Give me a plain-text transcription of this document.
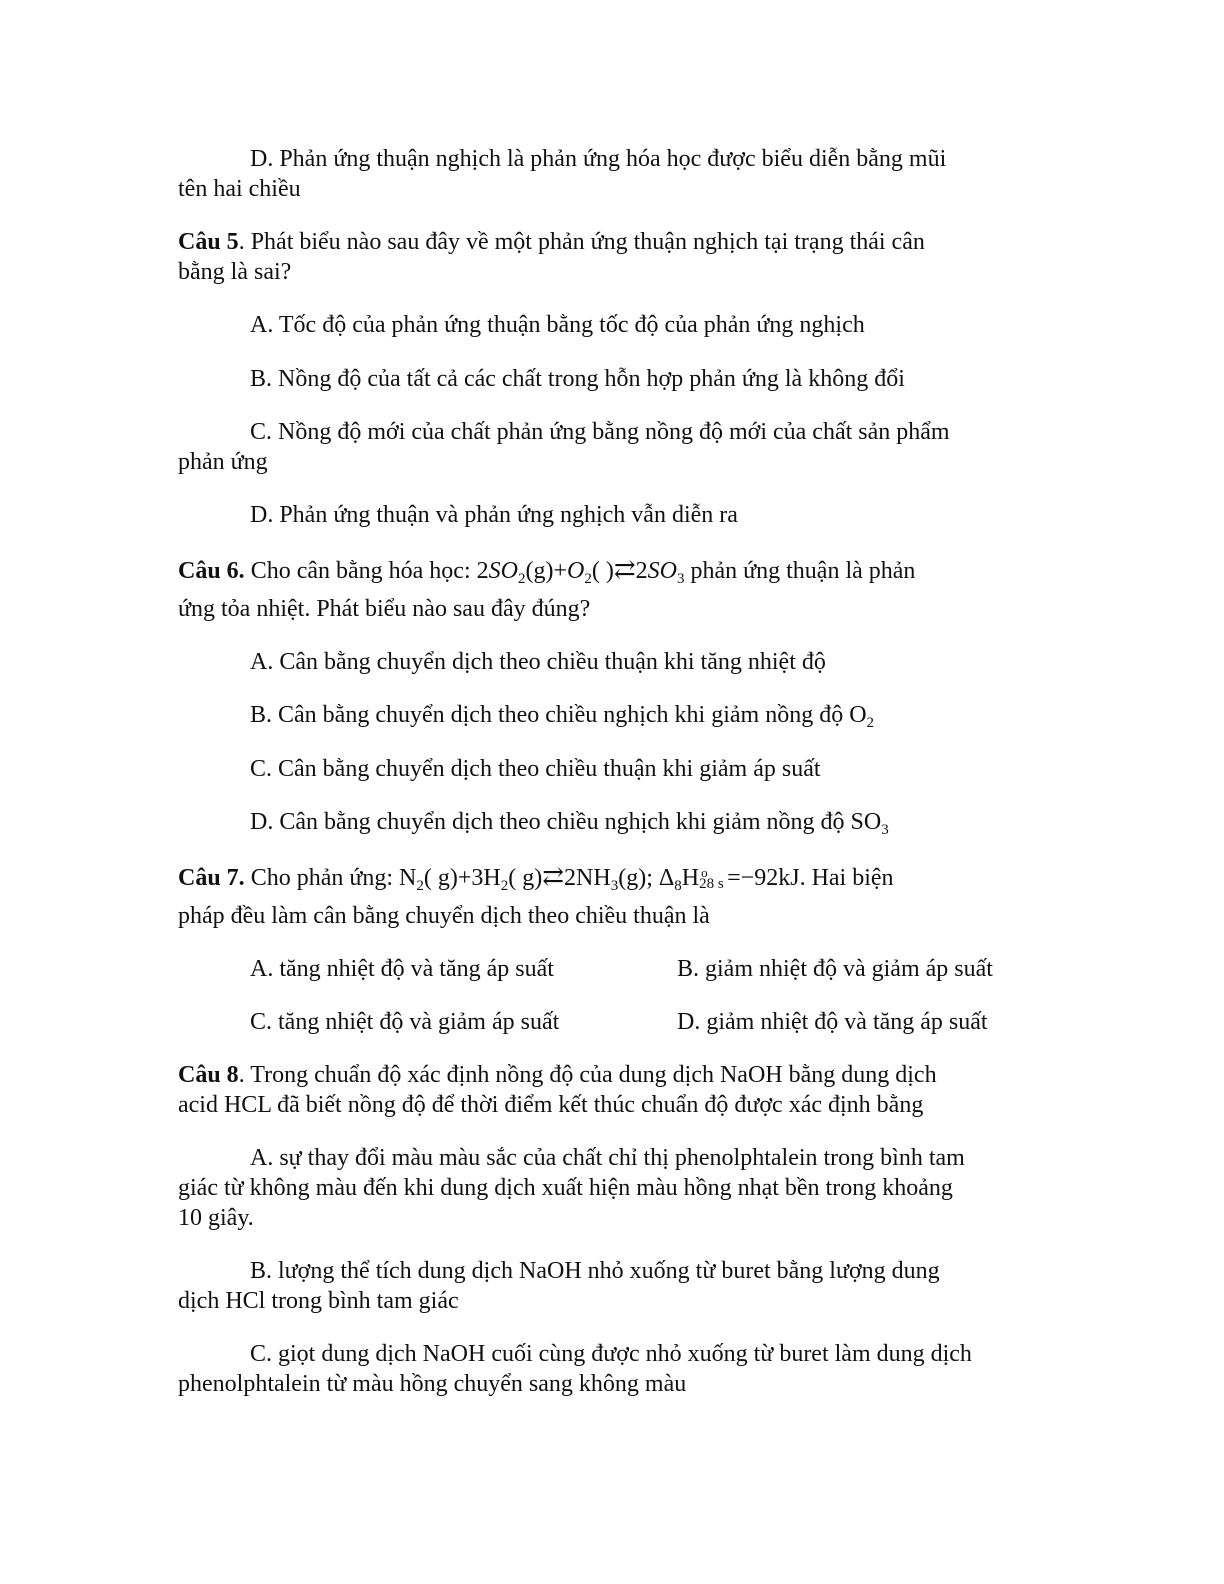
D. Phản ứng thuận nghịch là phản ứng hóa học được biểu diễn bằng mũi
tên hai chiều
Câu 5. Phát biểu nào sau đây về một phản ứng thuận nghịch tại trạng thái cân
bằng là sai?
A. Tốc độ của phản ứng thuận bằng tốc độ của phản ứng nghịch
B. Nồng độ của tất cả các chất trong hỗn hợp phản ứng là không đổi
C. Nồng độ mới của chất phản ứng bằng nồng độ mới của chất sản phẩm
phản ứng
D. Phản ứng thuận và phản ứng nghịch vẫn diễn ra
Câu 6. Cho cân bằng hóa học: $2SO_2(g)+O_2$( )$⇄2SO_3$ phản ứng thuận là phản
ứng tỏa nhiệt. Phát biểu nào sau đây đúng?
A. Cân bằng chuyển dịch theo chiều thuận khi tăng nhiệt độ
B. Cân bằng chuyển dịch theo chiều nghịch khi giảm nồng độ $O_2$
C. Cân bằng chuyển dịch theo chiều thuận khi giảm áp suất
D. Cân bằng chuyển dịch theo chiều nghịch khi giảm nồng độ $SO_3$
Câu 7. Cho phản ứng: $N_2$( $g)+3H_2$( $g)⇄2NH_3(g)$; $\Delta_8H$ o
28 s
=−92kJ. Hai biện
pháp đều làm cân bằng chuyển dịch theo chiều thuận là
A. tăng nhiệt độ và tăng áp suất	B. giảm nhiệt độ và giảm áp suất
C. tăng nhiệt độ và giảm áp suất	D. giảm nhiệt độ và tăng áp suất
Câu 8. Trong chuẩn độ xác định nồng độ của dung dịch NaOH bằng dung dịch
acid HCL đã biết nồng độ để thời điểm kết thúc chuẩn độ được xác định bằng
A. sự thay đổi màu màu sắc của chất chỉ thị phenolphtalein trong bình tam
giác từ không màu đến khi dung dịch xuất hiện màu hồng nhạt bền trong khoảng
10 giây.
B. lượng thể tích dung dịch NaOH nhỏ xuống từ buret bằng lượng dung
dịch HCl trong bình tam giác
C. giọt dung dịch NaOH cuối cùng được nhỏ xuống từ buret làm dung dịch
phenolphtalein từ màu hồng chuyển sang không màu
